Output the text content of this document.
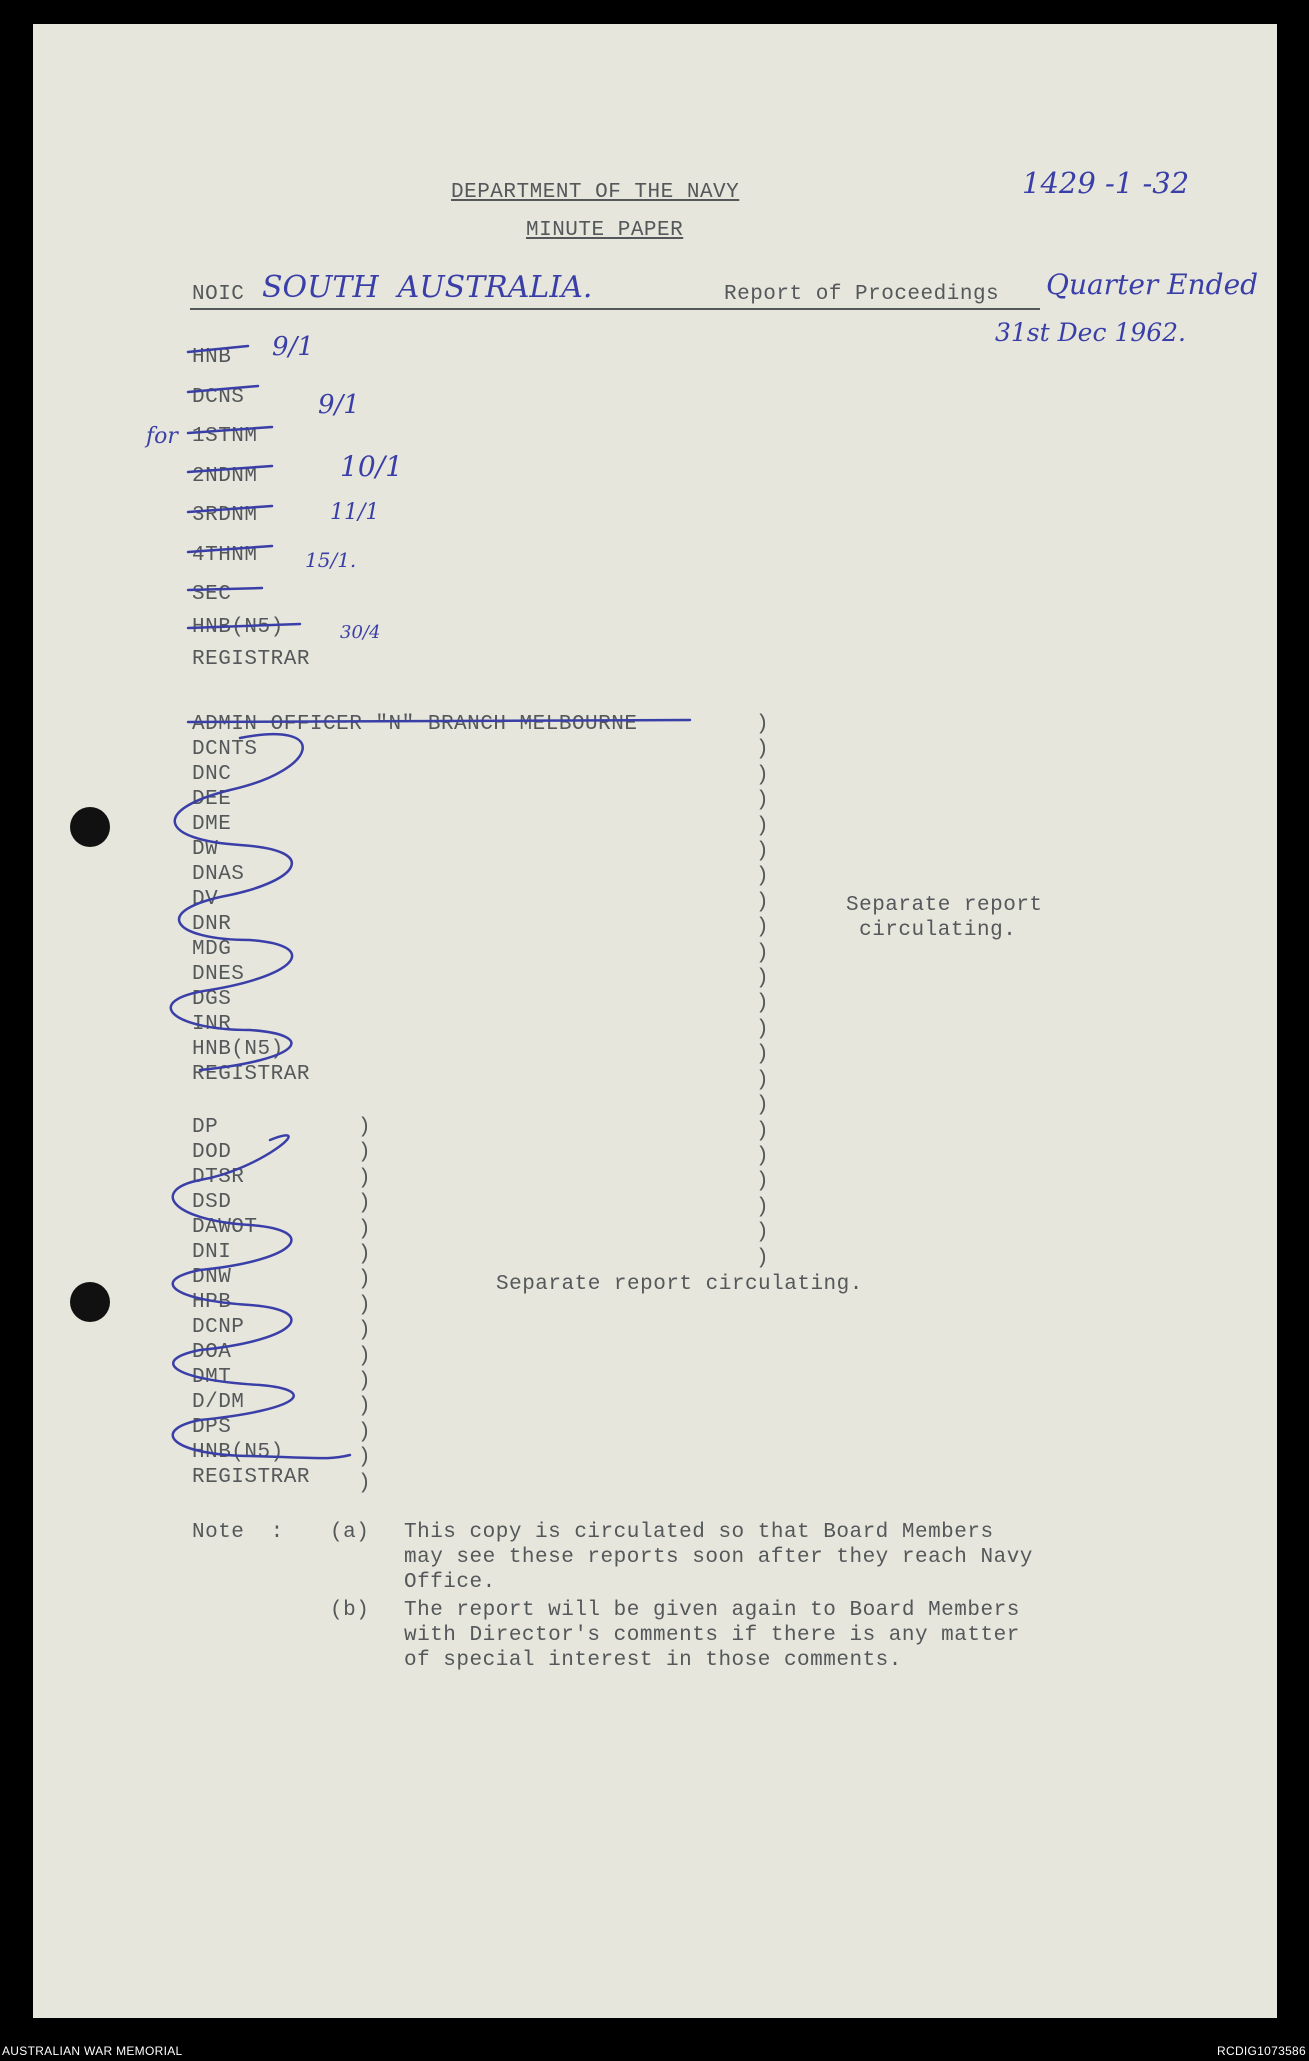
DEPARTMENT OF THE NAVY
MINUTE PAPER
1429 -1 -32
NOIC SOUTH  AUSTRALIA.	Report of Proceedings Quarter Ended
31st Dec 1962.
HNB
DCNS
1STNM
2NDNM
3RDNM
4THNM
SEC
HNB(N5)
REGISTRAR
9/1
9/1
for
10/1
11/1
15/1.
30/4
ADMIN OFFICER "N" BRANCH MELBOURNE
DCNTS
DNC
DEE
DME
DW
DNAS
DV
DNR
MDG
DNES
DGS
INR
HNB(N5)
REGISTRAR
)
)
)
)
)
)
)
)
)
)
)
)
)
)
)
)
)
)
)
)
)
)
Separate report
circulating.
DP
DOD
DTSR
DSD
DAWOT
DNI
DNW
HPB
DCNP
DOA
DMT
D/DM
DPS
HNB(N5)
REGISTRAR
)
)
)
)
)
)
)
)
)
)
)
)
)
)
)
Separate report circulating.
Note  : (a) This copy is circulated so that Board Members
may see these reports soon after they reach Navy
Office.
(b) The report will be given again to Board Members
with Director's comments if there is any matter
of special interest in those comments.
AUSTRALIAN WAR MEMORIAL	RCDIG1073586
